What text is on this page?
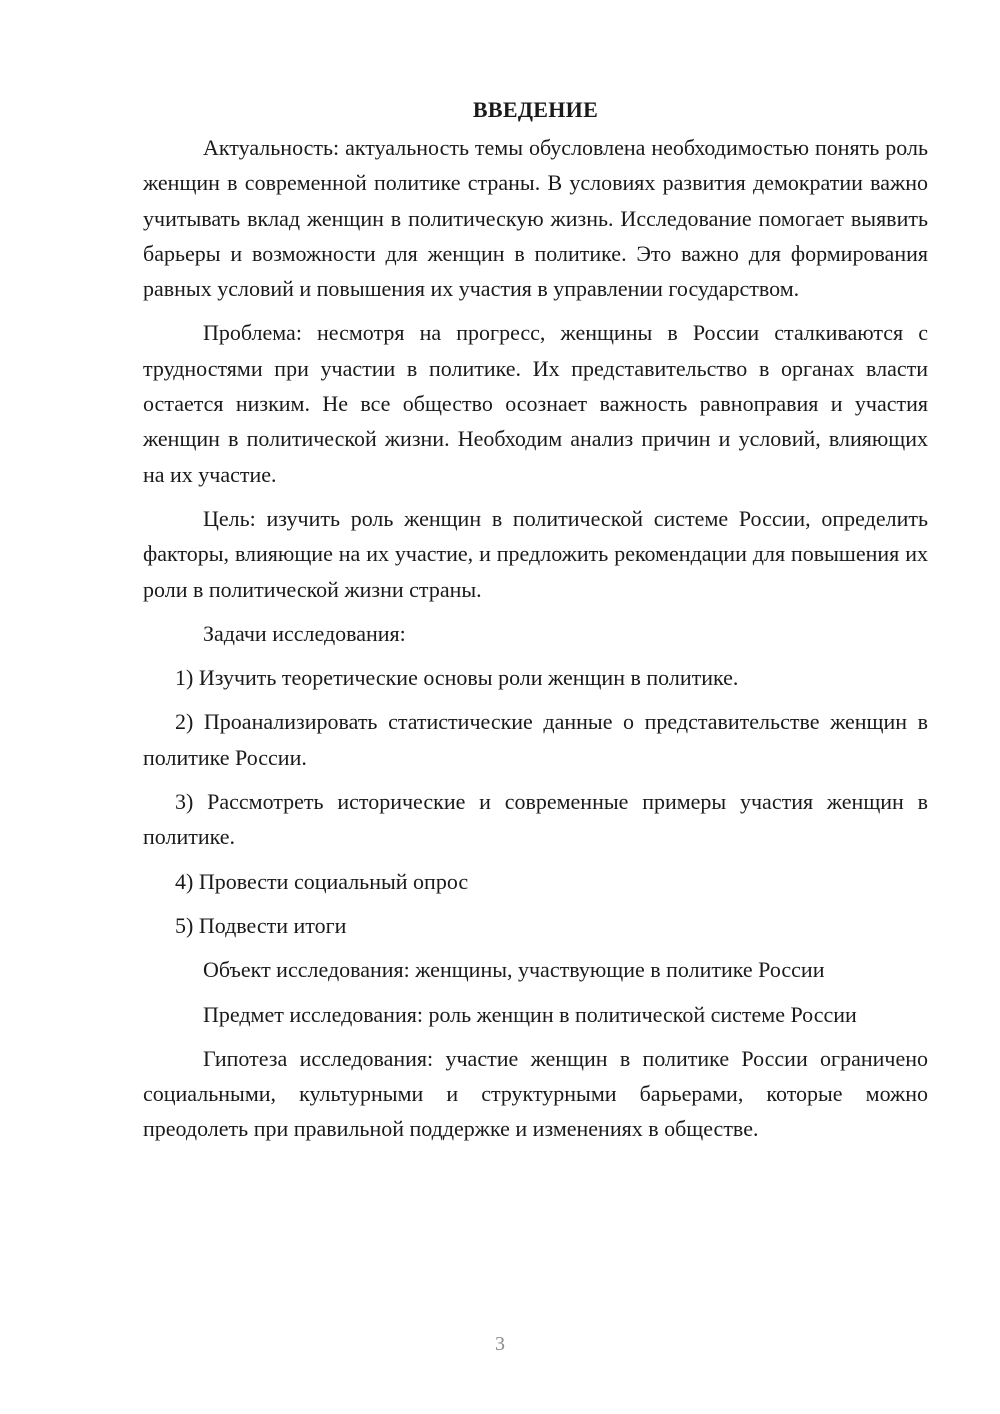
ВВЕДЕНИЕ

Актуальность: актуальность темы обусловлена необходимостью понять роль женщин в современной политике страны. В условиях развития демократии важно учитывать вклад женщин в политическую жизнь. Исследование помогает выявить барьеры и возможности для женщин в политике. Это важно для формирования равных условий и повышения их участия в управлении государством.

Проблема: несмотря на прогресс, женщины в России сталкиваются с трудностями при участии в политике. Их представительство в органах власти остается низким. Не все общество осознает важность равноправия и участия женщин в политической жизни. Необходим анализ причин и условий, влияющих на их участие.

Цель: изучить роль женщин в политической системе России, определить факторы, влияющие на их участие, и предложить рекомендации для повышения их роли в политической жизни страны.

Задачи исследования:

1) Изучить теоретические основы роли женщин в политике.

2) Проанализировать статистические данные о представительстве женщин в политике России.

3) Рассмотреть исторические и современные примеры участия женщин в политике.

4) Провести социальный опрос

5) Подвести итоги

Объект исследования: женщины, участвующие в политике России

Предмет исследования: роль женщин в политической системе России

Гипотеза исследования: участие женщин в политике России ограничено социальными, культурными и структурными барьерами, которые можно преодолеть при правильной поддержке и изменениях в обществе.

3
